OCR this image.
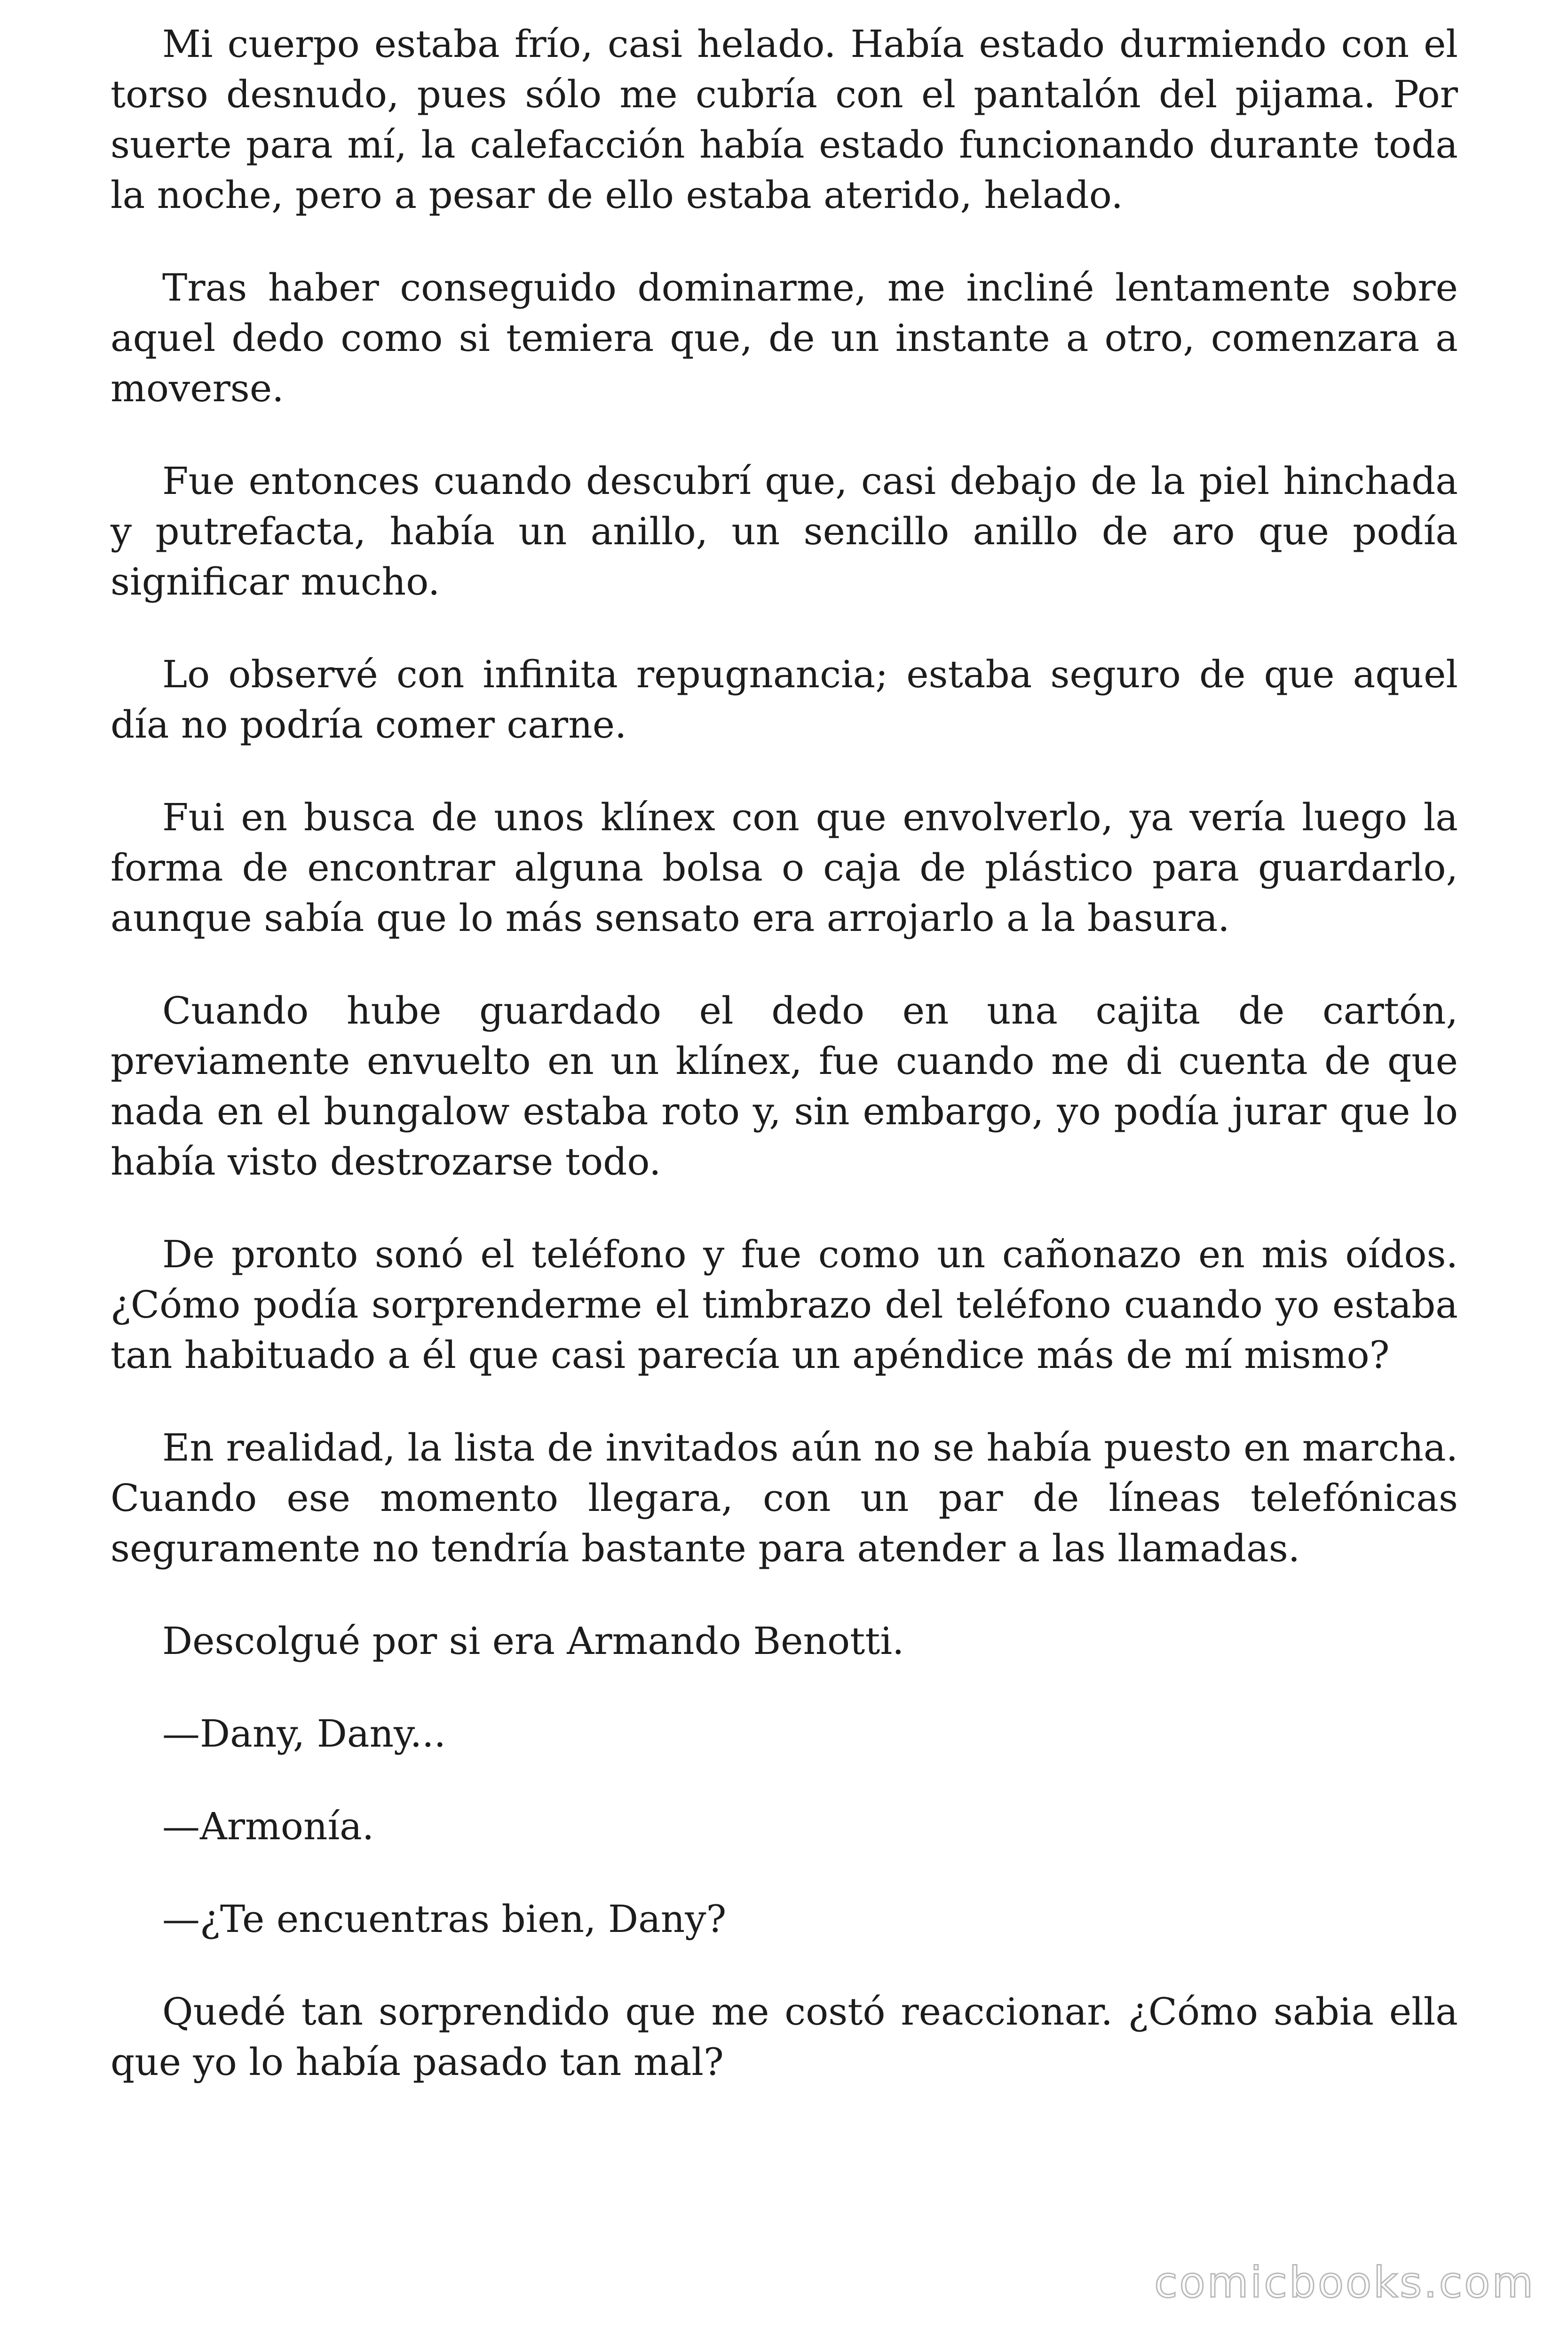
Mi cuerpo estaba frío, casi helado. Había estado durmiendo con el torso desnudo, pues sólo me cubría con el pantalón del pijama. Por suerte para mí, la calefacción había estado funcionando durante toda la noche, pero a pesar de ello estaba aterido, helado.

Tras haber conseguido dominarme, me incliné lentamente sobre aquel dedo como si temiera que, de un instante a otro, comenzara a moverse.

Fue entonces cuando descubrí que, casi debajo de la piel hinchada y putrefacta, había un anillo, un sencillo anillo de aro que podía significar mucho.

Lo observé con infinita repugnancia; estaba seguro de que aquel día no podría comer carne.

Fui en busca de unos klínex con que envolverlo, ya vería luego la forma de encontrar alguna bolsa o caja de plástico para guardarlo, aunque sabía que lo más sensato era arrojarlo a la basura.

Cuando hube guardado el dedo en una cajita de cartón, previamente envuelto en un klínex, fue cuando me di cuenta de que nada en el bungalow estaba roto y, sin embargo, yo podía jurar que lo había visto destrozarse todo.

De pronto sonó el teléfono y fue como un cañonazo en mis oídos. ¿Cómo podía sorprenderme el timbrazo del teléfono cuando yo estaba tan habituado a él que casi parecía un apéndice más de mí mismo?

En realidad, la lista de invitados aún no se había puesto en marcha. Cuando ese momento llegara, con un par de líneas telefónicas seguramente no tendría bastante para atender a las llamadas.

Descolgué por si era Armando Benotti.

—Dany, Dany...

—Armonía.

—¿Te encuentras bien, Dany?

Quedé tan sorprendido que me costó reaccionar. ¿Cómo sabia ella que yo lo había pasado tan mal?

comicbooks.com
